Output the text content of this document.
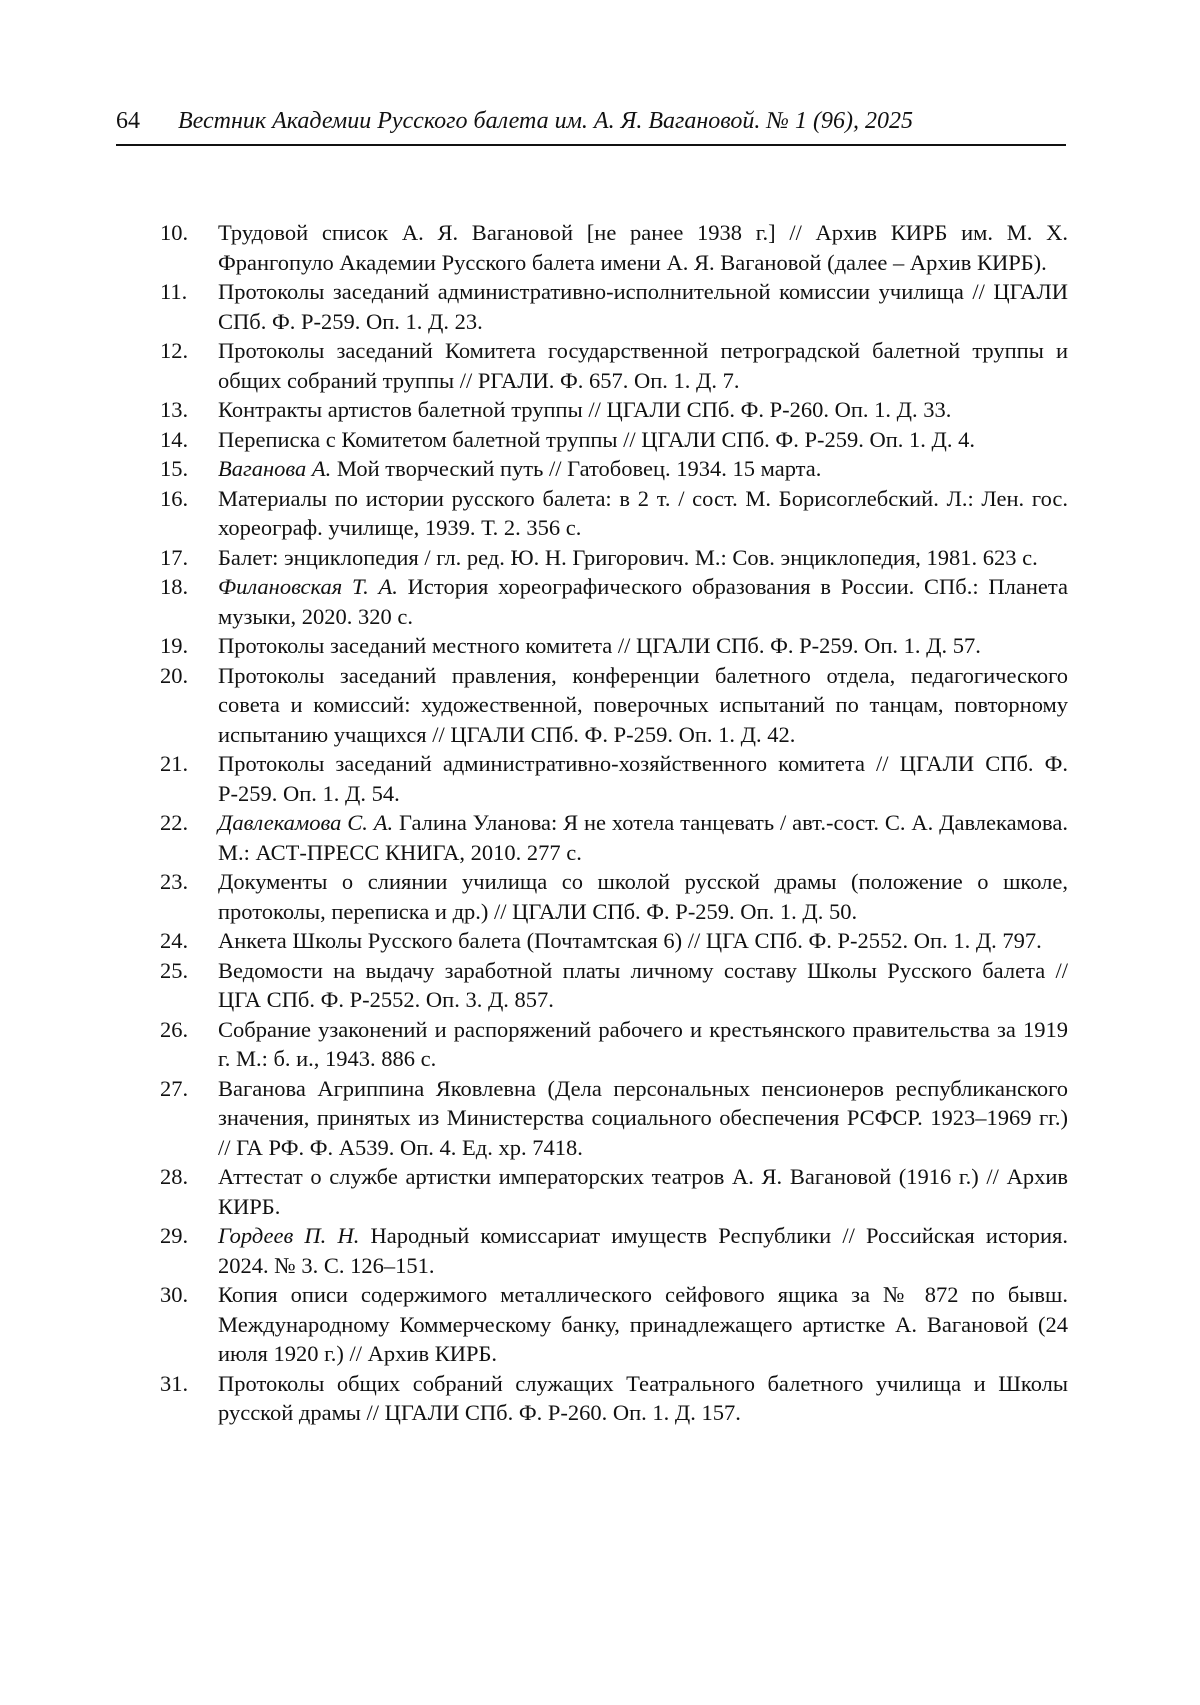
64	Вестник Академии Русского балета им. А. Я. Вагановой. № 1 (96), 2025
10.	Трудовой список А. Я. Вагановой [не ранее 1938 г.] // Архив КИРБ им. М. Х. Франгопуло Академии Русского балета имени А. Я. Вагановой (далее – Архив КИРБ).
11.	Протоколы заседаний административно-исполнительной комиссии училища // ЦГАЛИ СПб. Ф. Р-259. Оп. 1. Д. 23.
12.	Протоколы заседаний Комитета государственной петроградской балетной труппы и общих собраний труппы // РГАЛИ. Ф. 657. Оп. 1. Д. 7.
13.	Контракты артистов балетной труппы // ЦГАЛИ СПб. Ф. Р-260. Оп. 1. Д. 33.
14.	Переписка с Комитетом балетной труппы // ЦГАЛИ СПб. Ф. Р-259. Оп. 1. Д. 4.
15.	Ваганова А. Мой творческий путь // Гатобовец. 1934. 15 марта.
16.	Материалы по истории русского балета: в 2 т. / сост. М. Борисоглебский. Л.: Лен. гос. хореограф. училище, 1939. Т. 2. 356 с.
17.	Балет: энциклопедия / гл. ред. Ю. Н. Григорович. М.: Сов. энциклопедия, 1981. 623 с.
18.	Филановская Т. А. История хореографического образования в России. СПб.: Планета музыки, 2020. 320 с.
19.	Протоколы заседаний местного комитета // ЦГАЛИ СПб. Ф. Р-259. Оп. 1. Д. 57.
20.	Протоколы заседаний правления, конференции балетного отдела, педагогического совета и комиссий: художественной, поверочных испытаний по танцам, повторному испытанию учащихся // ЦГАЛИ СПб. Ф. Р-259. Оп. 1. Д. 42.
21.	Протоколы заседаний административно-хозяйственного комитета // ЦГАЛИ СПб. Ф. Р-259. Оп. 1. Д. 54.
22.	Давлекамова С. А. Галина Уланова: Я не хотела танцевать / авт.-сост. С. А. Давлекамова. М.: АСТ-ПРЕСС КНИГА, 2010. 277 с.
23.	Документы о слиянии училища со школой русской драмы (положение о школе, протоколы, переписка и др.) // ЦГАЛИ СПб. Ф. Р-259. Оп. 1. Д. 50.
24.	Анкета Школы Русского балета (Почтамтская 6) // ЦГА СПб. Ф. Р-2552. Оп. 1. Д. 797.
25.	Ведомости на выдачу заработной платы личному составу Школы Русского балета // ЦГА СПб. Ф. Р-2552. Оп. 3. Д. 857.
26.	Собрание узаконений и распоряжений рабочего и крестьянского правительства за 1919 г. М.: б. и., 1943. 886 с.
27.	Ваганова Агриппина Яковлевна (Дела персональных пенсионеров республиканского значения, принятых из Министерства социального обеспечения РСФСР. 1923–1969 гг.) // ГА РФ. Ф. А539. Оп. 4. Ед. хр. 7418.
28.	Аттестат о службе артистки императорских театров А. Я. Вагановой (1916 г.) // Архив КИРБ.
29.	Гордеев П. Н. Народный комиссариат имуществ Республики // Российская история. 2024. № 3. С. 126–151.
30.	Копия описи содержимого металлического сейфового ящика за № 872 по бывш. Международному Коммерческому банку, принадлежащего артистке А. Вагановой (24 июля 1920 г.) // Архив КИРБ.
31.	Протоколы общих собраний служащих Театрального балетного училища и Школы русской драмы // ЦГАЛИ СПб. Ф. Р-260. Оп. 1. Д. 157.
